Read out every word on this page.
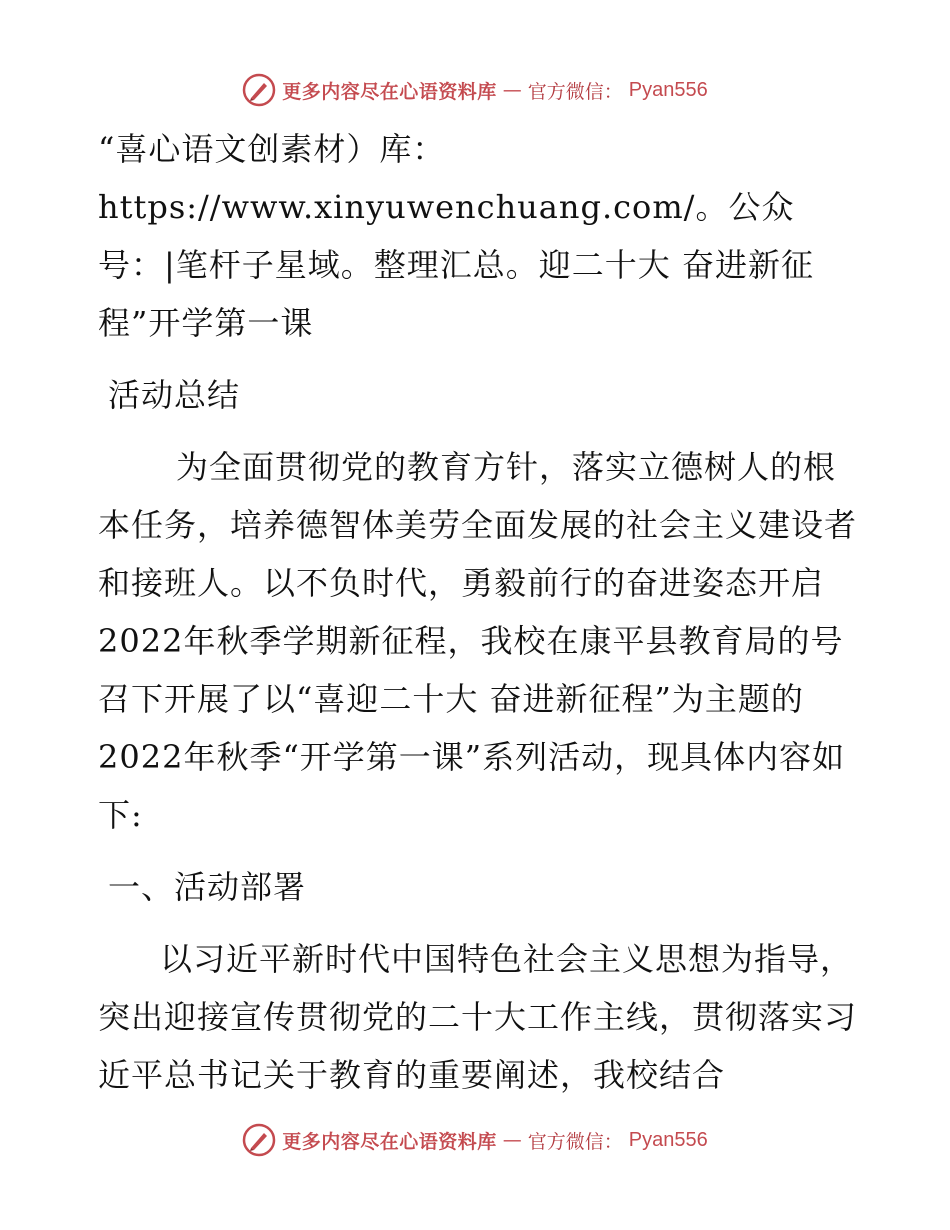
更多内容尽在心语资料库 — 官方微信： Pyan556

“喜心语文创素材）库：https://www.xinyuwenchuang.com/。公众号：|笔杆子星域。整理汇总。迎二十大 奋进新征程”开学第一课

活动总结

为全面贯彻党的教育方针，落实立德树人的根本任务，培养德智体美劳全面发展的社会主义建设者和接班人。以不负时代，勇毅前行的奋进姿态开启2022年秋季学期新征程，我校在康平县教育局的号召下开展了以“喜迎二十大 奋进新征程”为主题的2022年秋季“开学第一课”系列活动，现具体内容如下:

一、活动部署

以习近平新时代中国特色社会主义思想为指导，突出迎接宣传贯彻党的二十大工作主线，贯彻落实习近平总书记关于教育的重要阐述，我校结合

更多内容尽在心语资料库 — 官方微信： Pyan556
